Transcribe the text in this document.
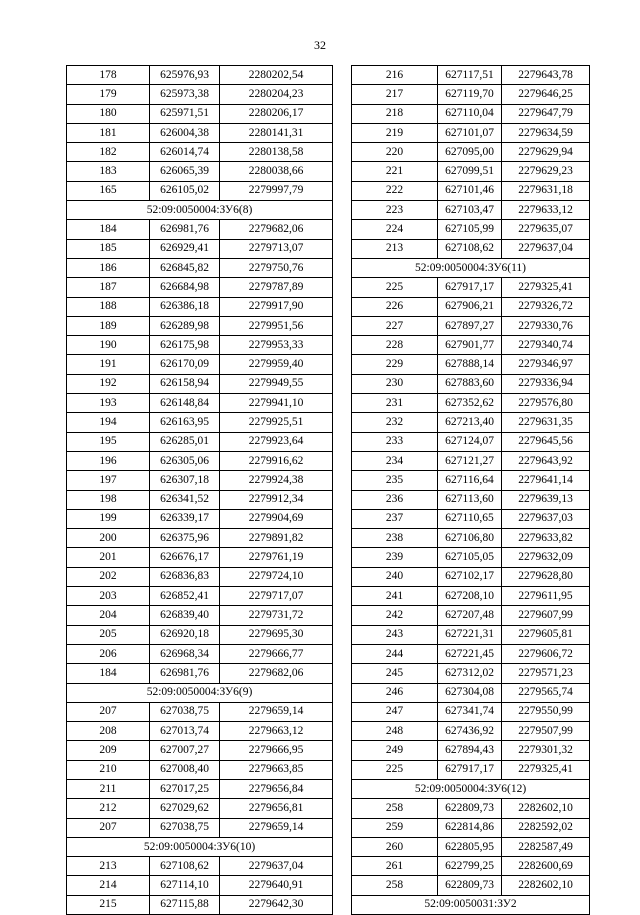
32
178	625976,93	2280202,54
179	625973,38	2280204,23
180	625971,51	2280206,17
181	626004,38	2280141,31
182	626014,74	2280138,58
183	626065,39	2280038,66
165	626105,02	2279997,79
52:09:0050004:ЗУ6(8)		
184	626981,76	2279682,06
185	626929,41	2279713,07
186	626845,82	2279750,76
187	626684,98	2279787,89
188	626386,18	2279917,90
189	626289,98	2279951,56
190	626175,98	2279953,33
191	626170,09	2279959,40
192	626158,94	2279949,55
193	626148,84	2279941,10
194	626163,95	2279925,51
195	626285,01	2279923,64
196	626305,06	2279916,62
197	626307,18	2279924,38
198	626341,52	2279912,34
199	626339,17	2279904,69
200	626375,96	2279891,82
201	626676,17	2279761,19
202	626836,83	2279724,10
203	626852,41	2279717,07
204	626839,40	2279731,72
205	626920,18	2279695,30
206	626968,34	2279666,77
184	626981,76	2279682,06
52:09:0050004:ЗУ6(9)		
207	627038,75	2279659,14
208	627013,74	2279663,12
209	627007,27	2279666,95
210	627008,40	2279663,85
211	627017,25	2279656,84
212	627029,62	2279656,81
207	627038,75	2279659,14
52:09:0050004:ЗУ6(10)		
213	627108,62	2279637,04
214	627114,10	2279640,91
215	627115,88	2279642,30
216	627117,51	2279643,78
217	627119,70	2279646,25
218	627110,04	2279647,79
219	627101,07	2279634,59
220	627095,00	2279629,94
221	627099,51	2279629,23
222	627101,46	2279631,18
223	627103,47	2279633,12
224	627105,99	2279635,07
213	627108,62	2279637,04
52:09:0050004:ЗУ6(11)		
225	627917,17	2279325,41
226	627906,21	2279326,72
227	627897,27	2279330,76
228	627901,77	2279340,74
229	627888,14	2279346,97
230	627883,60	2279336,94
231	627352,62	2279576,80
232	627213,40	2279631,35
233	627124,07	2279645,56
234	627121,27	2279643,92
235	627116,64	2279641,14
236	627113,60	2279639,13
237	627110,65	2279637,03
238	627106,80	2279633,82
239	627105,05	2279632,09
240	627102,17	2279628,80
241	627208,10	2279611,95
242	627207,48	2279607,99
243	627221,31	2279605,81
244	627221,45	2279606,72
245	627312,02	2279571,23
246	627304,08	2279565,74
247	627341,74	2279550,99
248	627436,92	2279507,99
249	627894,43	2279301,32
225	627917,17	2279325,41
52:09:0050004:ЗУ6(12)		
258	622809,73	2282602,10
259	622814,86	2282592,02
260	622805,95	2282587,49
261	622799,25	2282600,69
258	622809,73	2282602,10
52:09:0050031:ЗУ2		
